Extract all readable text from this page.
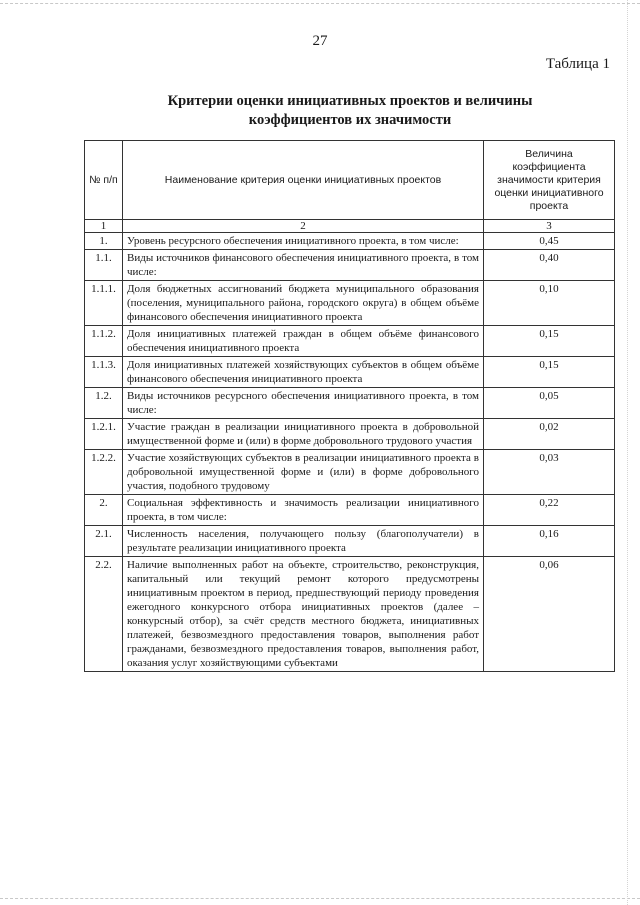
27
Таблица 1
Критерии оценки инициативных проектов и величины коэффициентов их значимости
№ п/п	Наименование критерия оценки инициативных проектов	Величина коэффициента значимости критерия оценки инициативного проекта
1	2	3
1.	Уровень ресурсного обеспечения инициативного проекта, в том числе:	0,45
1.1.	Виды источников финансового обеспечения инициативного проекта, в том числе:	0,40
1.1.1.	Доля бюджетных ассигнований бюджета муниципального образования (поселения, муниципального района, городского округа) в общем объёме финансового обеспечения инициативного проекта	0,10
1.1.2.	Доля инициативных платежей граждан в общем объёме финансового обеспечения инициативного проекта	0,15
1.1.3.	Доля инициативных платежей хозяйствующих субъектов в общем объёме финансового обеспечения инициативного проекта	0,15
1.2.	Виды источников ресурсного обеспечения инициативного проекта, в том числе:	0,05
1.2.1.	Участие граждан в реализации инициативного проекта в добровольной имущественной форме и (или) в форме добровольного трудового участия	0,02
1.2.2.	Участие хозяйствующих субъектов в реализации инициативного проекта в добровольной имущественной форме и (или) в форме добровольного участия, подобного трудовому	0,03
2.	Социальная эффективность и значимость реализации инициативного проекта, в том числе:	0,22
2.1.	Численность населения, получающего пользу (благополучатели) в результате реализации инициативного проекта	0,16
2.2.	Наличие выполненных работ на объекте, строительство, реконструкция, капитальный или текущий ремонт которого предусмотрены инициативным проектом в период, предшествующий периоду проведения ежегодного конкурсного отбора инициативных проектов (далее – конкурсный отбор), за счёт средств местного бюджета, инициативных платежей, безвозмездного предоставления товаров, выполнения работ гражданами, безвозмездного предоставления товаров, выполнения работ, оказания услуг хозяйствующими субъектами	0,06
